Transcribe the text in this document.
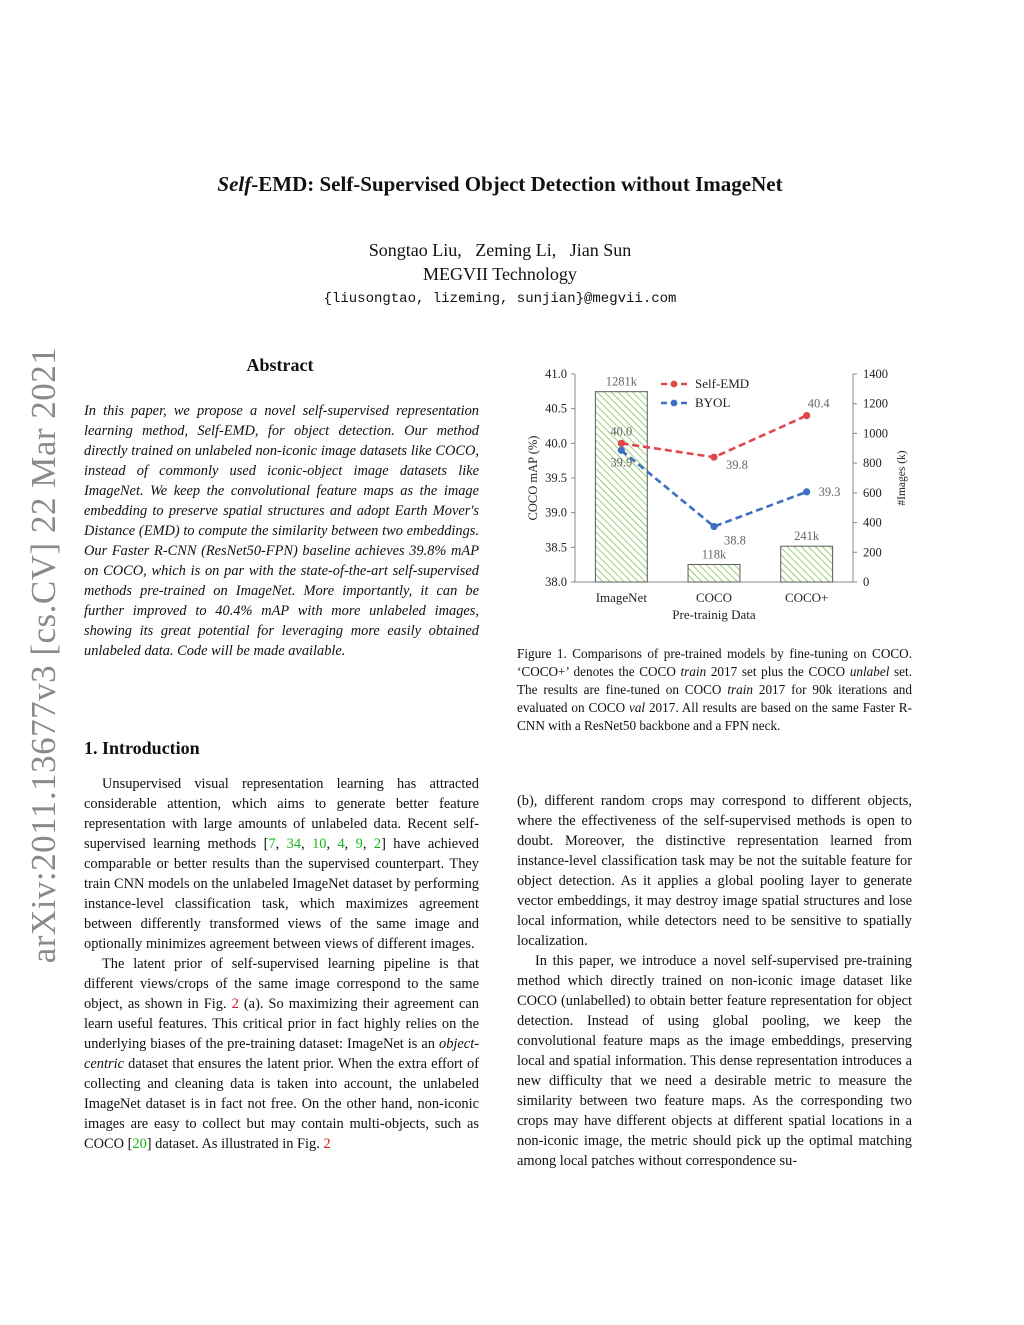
arXiv:2011.13677v3 [cs.CV] 22 Mar 2021
Self-EMD: Self-Supervised Object Detection without ImageNet
Songtao Liu,   Zeming Li,   Jian Sun
MEGVII Technology
{liusongtao, lizeming, sunjian}@megvii.com
Abstract
In this paper, we propose a novel self-supervised representation learning method, Self-EMD, for object detection. Our method directly trained on unlabeled non-iconic image datasets like COCO, instead of commonly used iconic-object image datasets like ImageNet. We keep the convolutional feature maps as the image embedding to preserve spatial structures and adopt Earth Mover's Distance (EMD) to compute the similarity between two embeddings. Our Faster R-CNN (ResNet50-FPN) baseline achieves 39.8% mAP on COCO, which is on par with the state-of-the-art self-supervised methods pre-trained on ImageNet. More importantly, it can be further improved to 40.4% mAP with more unlabeled images, showing its great potential for leveraging more easily obtained unlabeled data. Code will be made available.
1. Introduction

Unsupervised visual representation learning has attracted considerable attention, which aims to generate better feature representation with large amounts of unlabeled data. Recent self-supervised learning methods [7, 34, 10, 4, 9, 2] have achieved comparable or better results than the supervised counterpart. They train CNN models on the unlabeled ImageNet dataset by performing instance-level classification task, which maximizes agreement between differently transformed views of the same image and optionally minimizes agreement between views of different images.

The latent prior of self-supervised learning pipeline is that different views/crops of the same image correspond to the same object, as shown in Fig. 2 (a). So maximizing their agreement can learn useful features. This critical prior in fact highly relies on the underlying biases of the pre-training dataset: ImageNet is an object-centric dataset that ensures the latent prior. When the extra effort of collecting and cleaning data is taken into account, the unlabeled ImageNet dataset is in fact not free. On the other hand, non-iconic images are easy to collect but may contain multi-objects, such as COCO [20] dataset. As illustrated in Fig. 2

(b), different random crops may correspond to different objects, where the effectiveness of the self-supervised methods is open to doubt. Moreover, the distinctive representation learned from instance-level classification task may be not the suitable feature for object detection. As it applies a global pooling layer to generate vector embeddings, it may destroy image spatial structures and lose local information, while detectors need to be sensitive to spatially localization.

In this paper, we introduce a novel self-supervised pre-training method which directly trained on non-iconic image dataset like COCO (unlabelled) to obtain better feature representation for object detection. Instead of using global pooling, we keep the convolutional feature maps as the image embeddings, preserving local and spatial information. This dense representation introduces a new difficulty that we need a desirable metric to measure the similarity between two feature maps. As the corresponding two crops may have different objects at different spatial locations in a non-iconic image, the metric should pick up the optimal matching among local patches without correspondence su-

38.0
38.5
39.0
39.5
40.0
40.5
41.0
0
200
400
600
800
1000
1200
1400
COCO mAP (%)	#Images (k)
ImageNet	COCO	COCO+
Pre-trainig Data
1281k
118k
241k
40.0
39.8
40.4
39.9
38.8
39.3
Self-EMD
BYOL
Figure 1. Comparisons of pre-trained models by fine-tuning on COCO. ‘COCO+’ denotes the COCO train 2017 set plus the COCO unlabel set. The results are fine-tuned on COCO train 2017 for 90k iterations and evaluated on COCO val 2017. All results are based on the same Faster R-CNN with a ResNet50 backbone and a FPN neck.
